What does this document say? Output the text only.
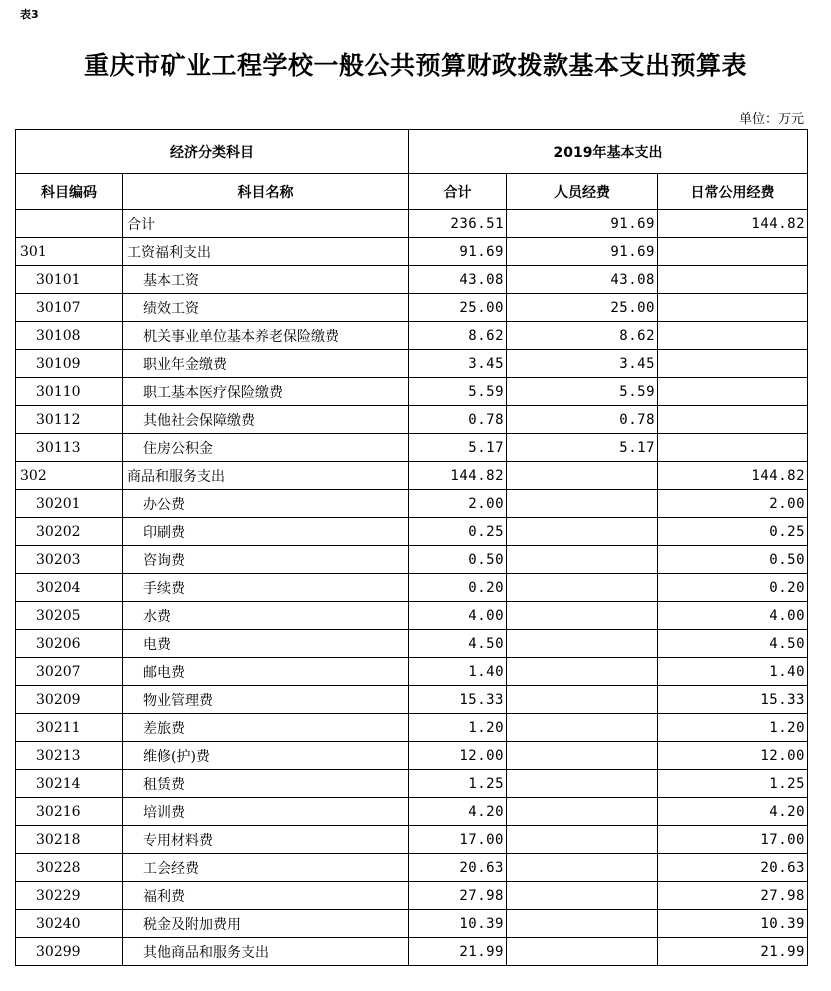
表3
重庆市矿业工程学校一般公共预算财政拨款基本支出预算表
单位：万元
经济分类科目		2019年基本支出		
科目编码	科目名称	合计	人员经费	日常公用经费
	合计	236.51	91.69	144.82
301	工资福利支出	91.69	91.69	
30101	基本工资	43.08	43.08	
30107	绩效工资	25.00	25.00	
30108	机关事业单位基本养老保险缴费	8.62	8.62	
30109	职业年金缴费	3.45	3.45	
30110	职工基本医疗保险缴费	5.59	5.59	
30112	其他社会保障缴费	0.78	0.78	
30113	住房公积金	5.17	5.17	
302	商品和服务支出	144.82		144.82
30201	办公费	2.00		2.00
30202	印刷费	0.25		0.25
30203	咨询费	0.50		0.50
30204	手续费	0.20		0.20
30205	水费	4.00		4.00
30206	电费	4.50		4.50
30207	邮电费	1.40		1.40
30209	物业管理费	15.33		15.33
30211	差旅费	1.20		1.20
30213	维修(护)费	12.00		12.00
30214	租赁费	1.25		1.25
30216	培训费	4.20		4.20
30218	专用材料费	17.00		17.00
30228	工会经费	20.63		20.63
30229	福利费	27.98		27.98
30240	税金及附加费用	10.39		10.39
30299	其他商品和服务支出	21.99		21.99
